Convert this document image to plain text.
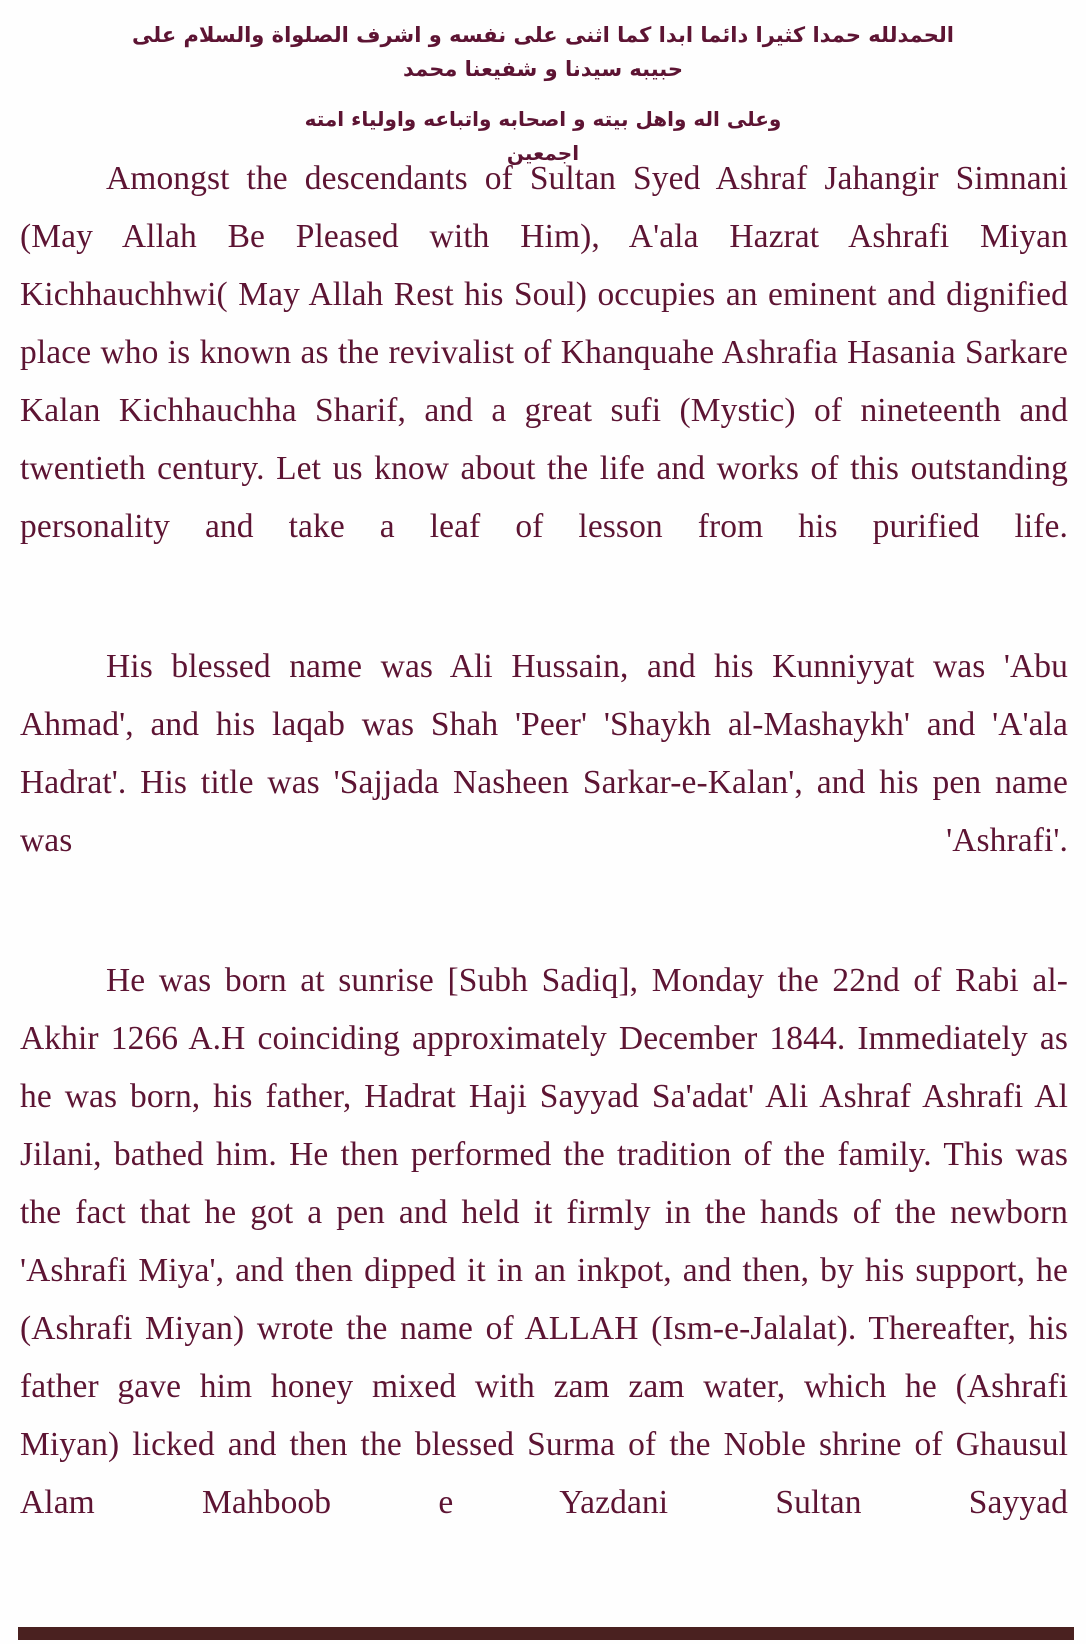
الحمدلله حمدا كثيرا دائما ابدا كما اثنى على نفسه و اشرف الصلواة والسلام على حبيبه سيدنا و شفيعنا محمد
وعلى اله واهل بيته و اصحابه واتباعه واولياء امته اجمعين

Amongst the descendants of Sultan Syed Ashraf Jahangir Simnani (May Allah Be Pleased with Him), A'ala Hazrat Ashrafi Miyan Kichhauchhwi( May Allah Rest his Soul) occupies an eminent and dignified place who is known as the revivalist of Khanquahe Ashrafia Hasania Sarkare Kalan Kichhauchha Sharif, and a great sufi (Mystic) of nineteenth and twentieth century. Let us know about the life and works of this outstanding personality and take a leaf of lesson from his purified life.

His blessed name was Ali Hussain, and his Kunniyyat was 'Abu Ahmad', and his laqab was Shah 'Peer' 'Shaykh al-Mashaykh' and 'A'ala Hadrat'. His title was 'Sajjada Nasheen Sarkar-e-Kalan', and his pen name was 'Ashrafi'.

He was born at sunrise [Subh Sadiq], Monday the 22nd of Rabi al-Akhir 1266 A.H coinciding approximately December 1844. Immediately as he was born, his father, Hadrat Haji Sayyad Sa'adat' Ali Ashraf Ashrafi Al Jilani, bathed him. He then performed the tradition of the family. This was the fact that he got a pen and held it firmly in the hands of the newborn 'Ashrafi Miya', and then dipped it in an inkpot, and then, by his support, he (Ashrafi Miyan) wrote the name of ALLAH (Ism-e-Jalalat). Thereafter, his father gave him honey mixed with zam zam water, which he (Ashrafi Miyan) licked and then the blessed Surma of the Noble shrine of Ghausul Alam Mahboob e Yazdani Sultan Sayyad
